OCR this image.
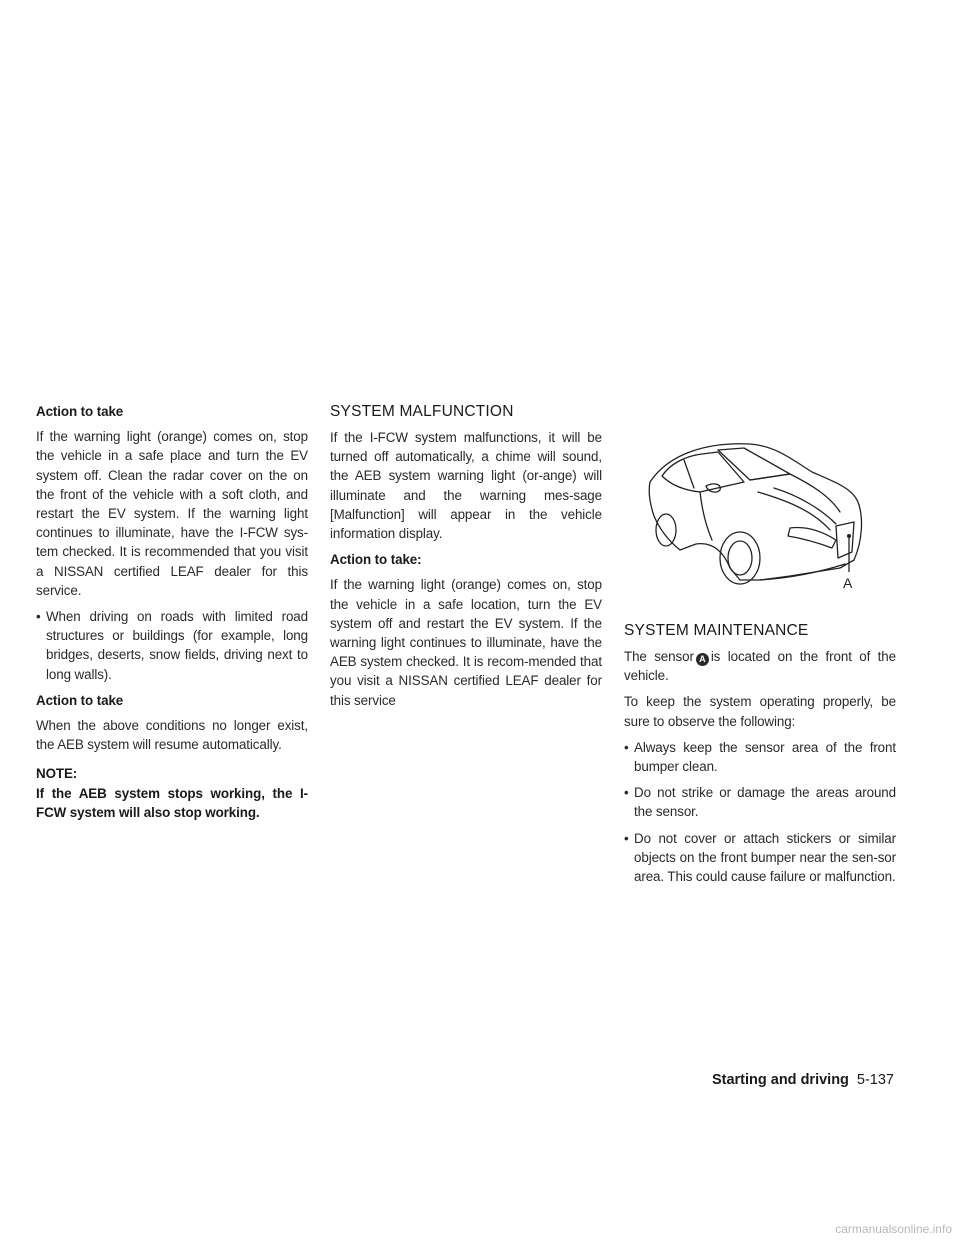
Action to take

If the warning light (orange) comes on, stop the vehicle in a safe place and turn the EV system off. Clean the radar cover on the on the front of the vehicle with a soft cloth, and restart the EV system. If the warning light continues to illuminate, have the I-FCW sys-tem checked. It is recommended that you visit a NISSAN certified LEAF dealer for this service.

• When driving on roads with limited road structures or buildings (for example, long bridges, deserts, snow fields, driving next to long walls).

Action to take

When the above conditions no longer exist, the AEB system will resume automatically.

NOTE:

If the AEB system stops working, the I-FCW system will also stop working.

SYSTEM MALFUNCTION

If the I-FCW system malfunctions, it will be turned off automatically, a chime will sound, the AEB system warning light (or-ange) will illuminate and the warning mes-sage [Malfunction] will appear in the vehicle information display.

Action to take:

If the warning light (orange) comes on, stop the vehicle in a safe location, turn the EV system off and restart the EV system. If the warning light continues to illuminate, have the AEB system checked. It is recom-mended that you visit a NISSAN certified LEAF dealer for this service

A
SYSTEM MAINTENANCE

The sensor A is located on the front of the vehicle.

To keep the system operating properly, be sure to observe the following:

• Always keep the sensor area of the front bumper clean.

• Do not strike or damage the areas around the sensor.

• Do not cover or attach stickers or similar objects on the front bumper near the sen-sor area. This could cause failure or malfunction.

Starting and driving 5-137
carmanualsonline.info
